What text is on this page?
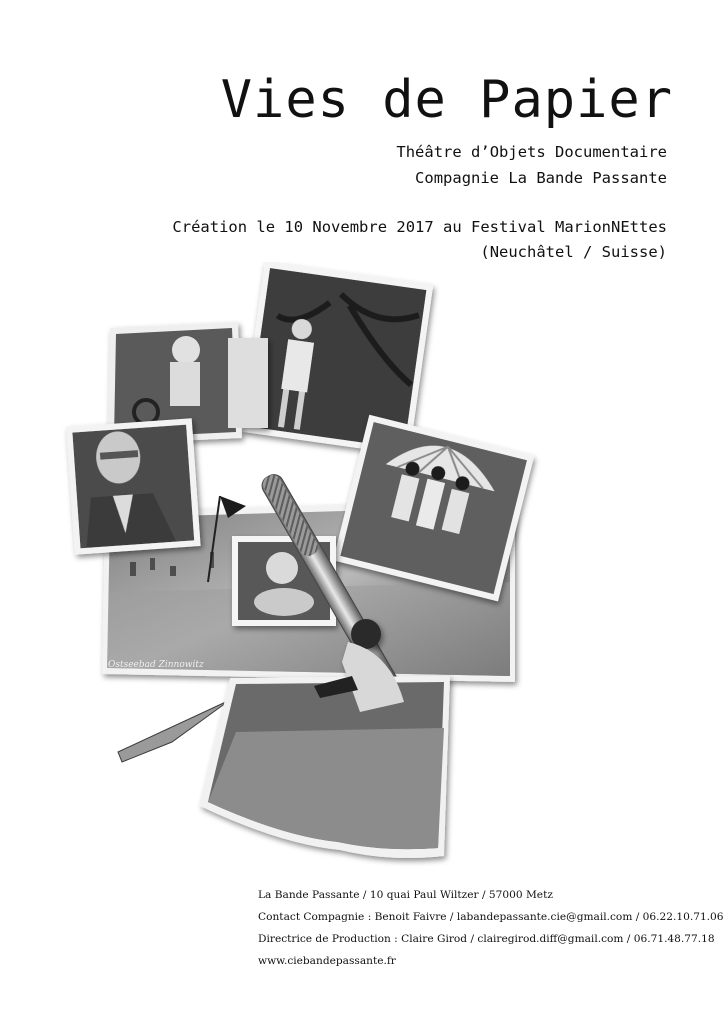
Vies de Papier
Théâtre d’Objets Documentaire
Compagnie La Bande Passante
Création le 10 Novembre 2017 au Festival MarionNEttes
(Neuchâtel / Suisse)
Ostseebad Zinnowitz
La Bande Passante / 10 quai Paul Wiltzer / 57000 Metz
Contact Compagnie : Benoit Faivre / labandepassante.cie@gmail.com / 06.22.10.71.06
Directrice de Production : Claire Girod / clairegirod.diff@gmail.com / 06.71.48.77.18
www.ciebandepassante.fr
